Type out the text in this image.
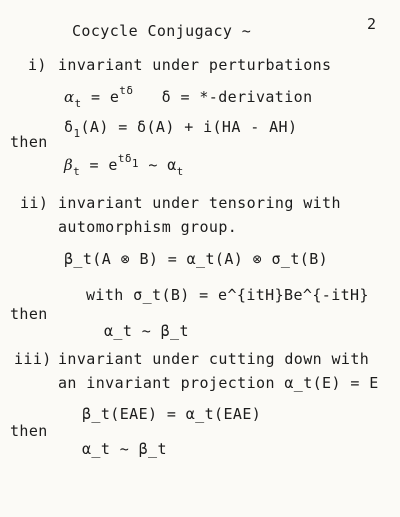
2
Cocycle Conjugacy ~
i) invariant under perturbations
$\alpha_t = e^{t\delta}$ δ = *-derivation
$\delta_1(A) = \delta(A) + i(HA - AH)$
then
$\beta_t = e^{t\delta 1}$ ~ $\alpha_t$
ii) invariant under tensoring with
automorphism group.
β_t(A ⊗ B) = α_t(A) ⊗ σ_t(B)
with σ_t(B) = e^{itH}Be^{-itH}
then
α_t ~ β_t
iii) invariant under cutting down with
an invariant projection α_t(E) = E
β_t(EAE) = α_t(EAE)
then
α_t ~ β_t
